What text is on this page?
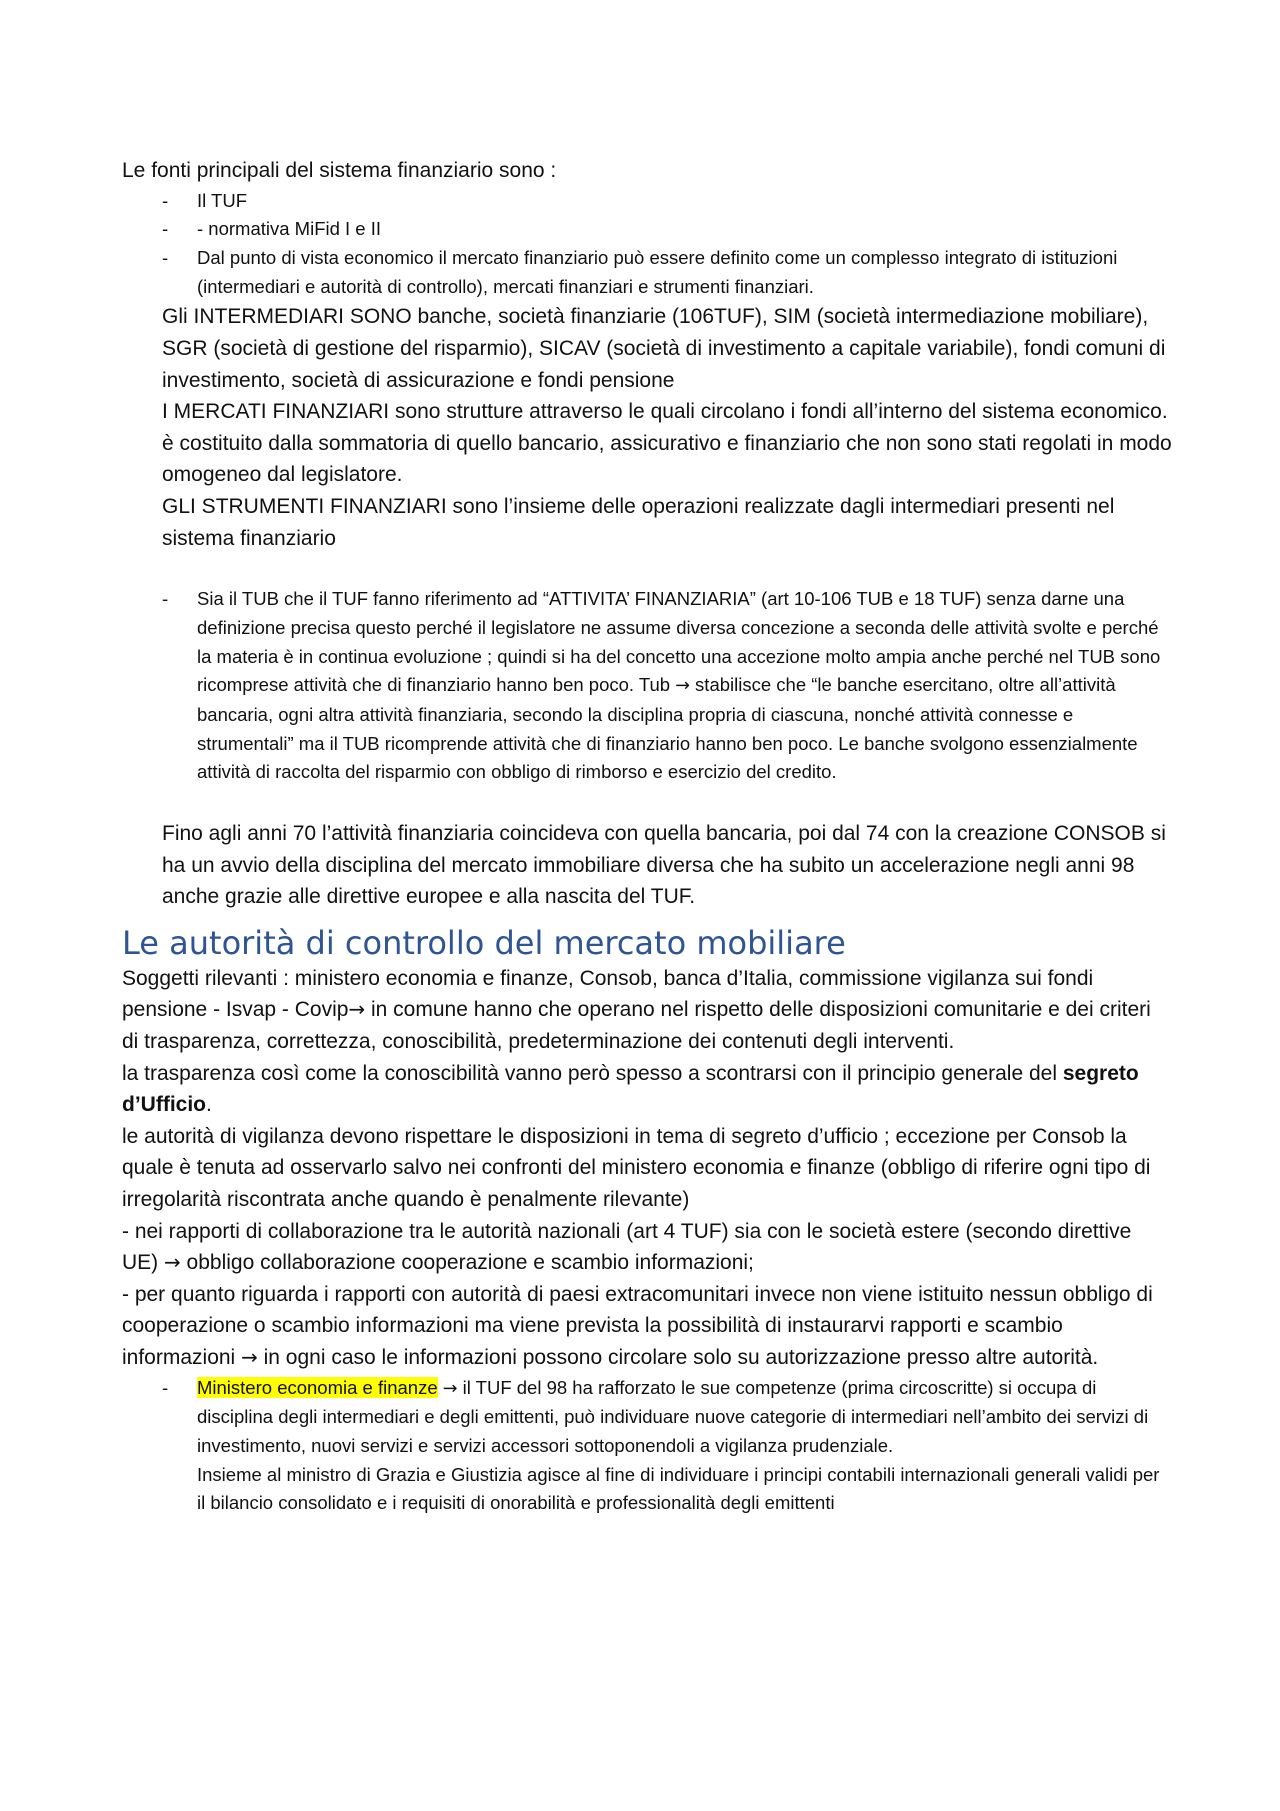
Le fonti principali del sistema finanziario sono :

- Il TUF
- - normativa MiFid I e II
- Dal punto di vista economico il mercato finanziario può essere definito come un complesso integrato di istituzioni (intermediari e autorità di controllo), mercati finanziari e strumenti finanziari.

Gli INTERMEDIARI SONO banche, società finanziarie (106TUF), SIM (società intermediazione mobiliare), SGR (società di gestione del risparmio), SICAV (società di investimento a capitale variabile), fondi comuni di investimento, società di assicurazione e fondi pensione

I MERCATI FINANZIARI sono strutture attraverso le quali circolano i fondi all’interno del sistema economico. è costituito dalla sommatoria di quello bancario, assicurativo e finanziario che non sono stati regolati in modo omogeneo dal legislatore.

GLI STRUMENTI FINANZIARI sono l’insieme delle operazioni realizzate dagli intermediari presenti nel sistema finanziario

- Sia il TUB che il TUF fanno riferimento ad “ATTIVITA’ FINANZIARIA” (art 10-106 TUB e 18 TUF) senza darne una definizione precisa questo perché il legislatore ne assume diversa concezione a seconda delle attività svolte e perché la materia è in continua evoluzione ; quindi si ha del concetto una accezione molto ampia anche perché nel TUB sono ricomprese attività che di finanziario hanno ben poco. Tub → stabilisce che “le banche esercitano, oltre all’attività bancaria, ogni altra attività finanziaria, secondo la disciplina propria di ciascuna, nonché attività connesse e strumentali” ma il TUB ricomprende attività che di finanziario hanno ben poco. Le banche svolgono essenzialmente attività di raccolta del risparmio con obbligo di rimborso e esercizio del credito.

Fino agli anni 70 l’attività finanziaria coincideva con quella bancaria, poi dal 74 con la creazione CONSOB si ha un avvio della disciplina del mercato immobiliare diversa che ha subito un accelerazione negli anni 98 anche grazie alle direttive europee e alla nascita del TUF.

Le autorità di controllo del mercato mobiliare

Soggetti rilevanti : ministero economia e finanze, Consob, banca d’Italia, commissione vigilanza sui fondi pensione - Isvap - Covip→ in comune hanno che operano nel rispetto delle disposizioni comunitarie e dei criteri di trasparenza, correttezza, conoscibilità, predeterminazione dei contenuti degli interventi.

la trasparenza così come la conoscibilità vanno però spesso a scontrarsi con il principio generale del segreto d’Ufficio.

le autorità di vigilanza devono rispettare le disposizioni in tema di segreto d’ufficio ; eccezione per Consob la quale è tenuta ad osservarlo salvo nei confronti del ministero economia e finanze (obbligo di riferire ogni tipo di irregolarità riscontrata anche quando è penalmente rilevante)

- nei rapporti di collaborazione tra le autorità nazionali (art 4 TUF) sia con le società estere (secondo direttive UE) → obbligo collaborazione cooperazione e scambio informazioni;

- per quanto riguarda i rapporti con autorità di paesi extracomunitari invece non viene istituito nessun obbligo di cooperazione o scambio informazioni ma viene prevista la possibilità di instaurarvi rapporti e scambio informazioni → in ogni caso le informazioni possono circolare solo su autorizzazione presso altre autorità.

- Ministero economia e finanze → il TUF del 98 ha rafforzato le sue competenze (prima circoscritte) si occupa di disciplina degli intermediari e degli emittenti, può individuare nuove categorie di intermediari nell’ambito dei servizi di investimento, nuovi servizi e servizi accessori sottoponendoli a vigilanza prudenziale.
Insieme al ministro di Grazia e Giustizia agisce al fine di individuare i principi contabili internazionali generali validi per il bilancio consolidato e i requisiti di onorabilità e professionalità degli emittenti
